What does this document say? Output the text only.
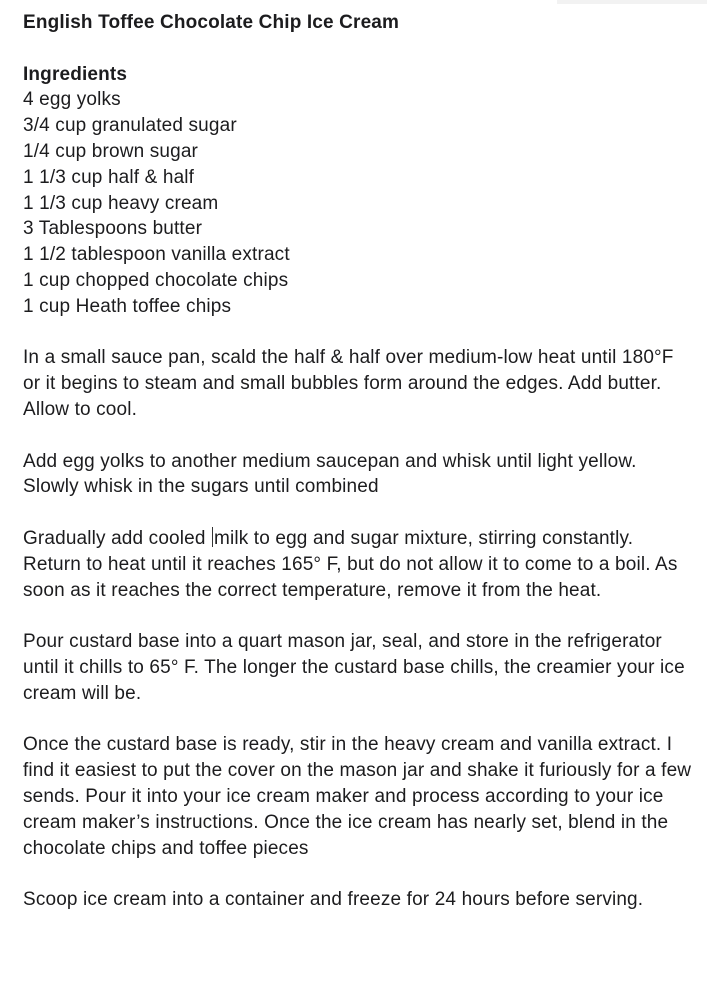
English Toffee Chocolate Chip Ice Cream
Ingredients
4 egg yolks
3/4 cup granulated sugar
1/4 cup brown sugar
1 1/3 cup half & half
1 1/3 cup heavy cream
3 Tablespoons butter
1 1/2 tablespoon vanilla extract
1 cup chopped chocolate chips
1 cup Heath toffee chips

In a small sauce pan, scald the half & half over medium-low heat until 180°F or it begins to steam and small bubbles form around the edges. Add butter. Allow to cool.

Add egg yolks to another medium saucepan and whisk until light yellow. Slowly whisk in the sugars until combined

Gradually add cooled milk to egg and sugar mixture, stirring constantly. Return to heat until it reaches 165° F, but do not allow it to come to a boil. As soon as it reaches the correct temperature, remove it from the heat.

Pour custard base into a quart mason jar, seal, and store in the refrigerator until it chills to 65° F. The longer the custard base chills, the creamier your ice cream will be.

Once the custard base is ready, stir in the heavy cream and vanilla extract. I find it easiest to put the cover on the mason jar and shake it furiously for a few sends. Pour it into your ice cream maker and process according to your ice cream maker’s instructions. Once the ice cream has nearly set, blend in the chocolate chips and toffee pieces

Scoop ice cream into a container and freeze for 24 hours before serving.
